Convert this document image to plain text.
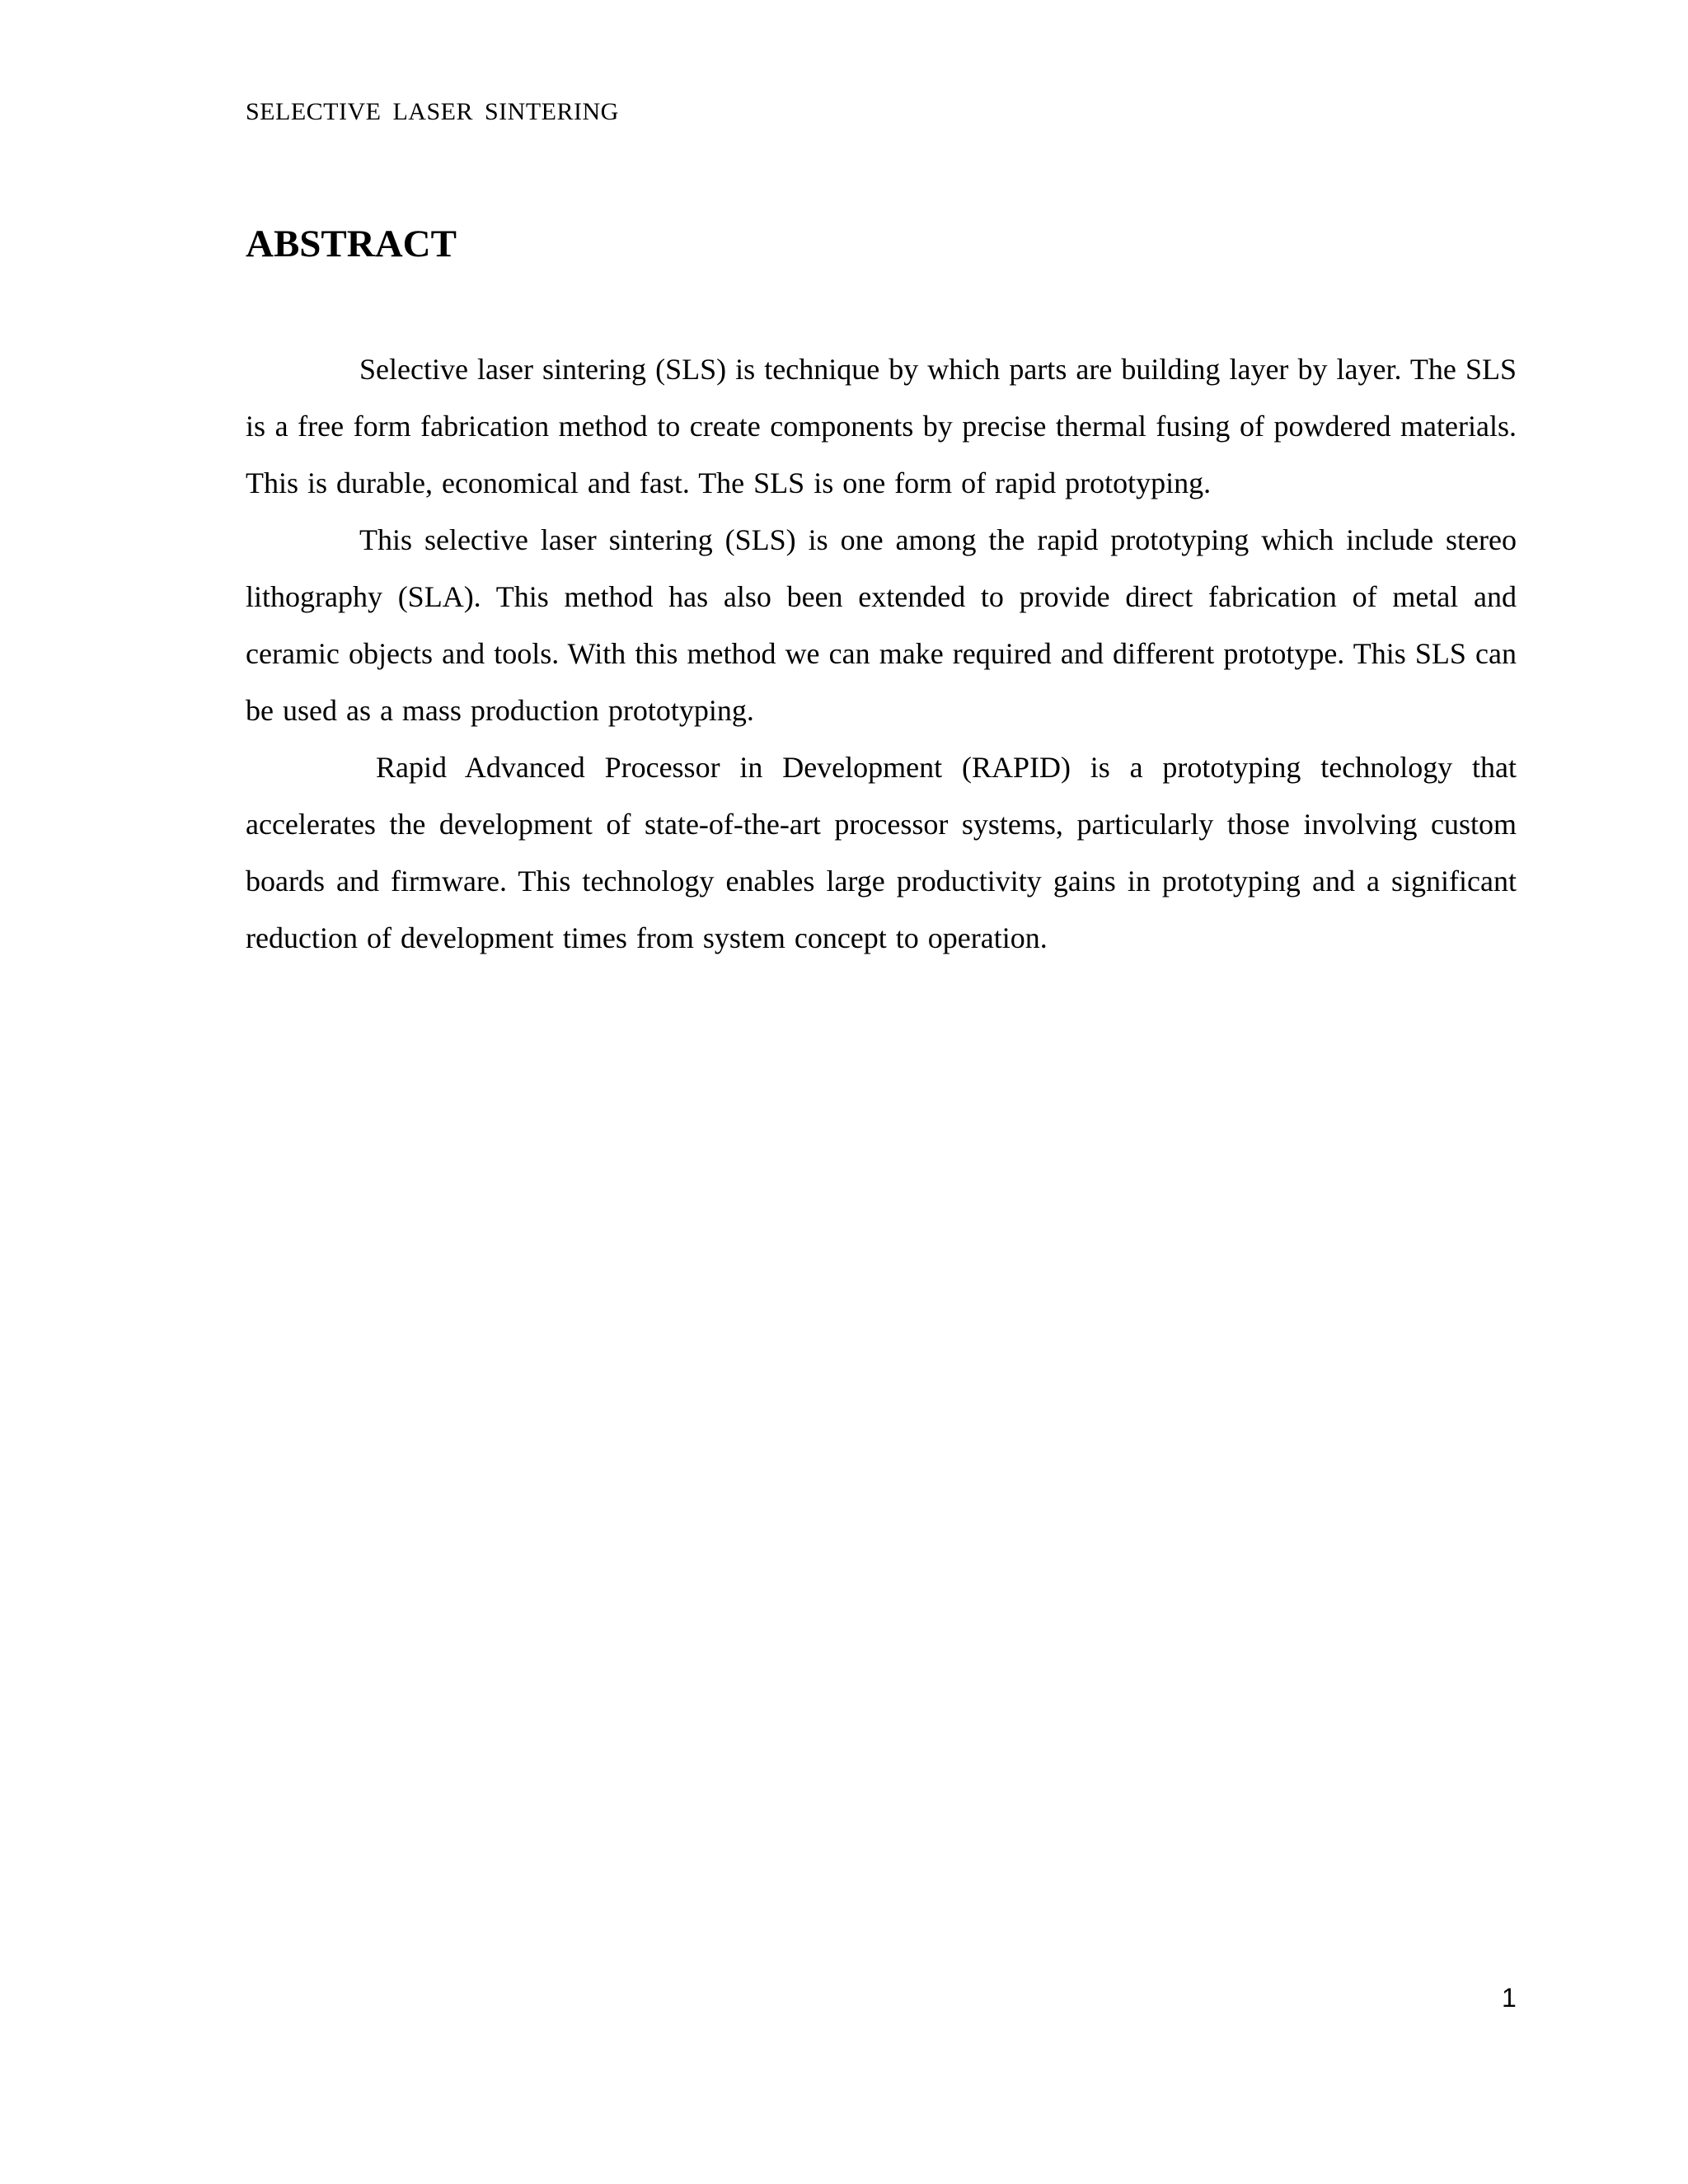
SELECTIVE LASER SINTERING
ABSTRACT

Selective laser sintering (SLS) is technique by which parts are building layer by layer. The SLS is a free form fabrication method to create components by precise thermal fusing of powdered materials. This is durable, economical and fast. The SLS is one form of rapid prototyping.

This selective laser sintering (SLS) is one among the rapid prototyping which include stereo lithography (SLA). This method has also been extended to provide direct fabrication of metal and ceramic objects and tools. With this method we can make required and different prototype. This SLS can be used as a mass production prototyping.

Rapid Advanced Processor in Development (RAPID) is a prototyping technology that accelerates the development of state-of-the-art processor systems, particularly those involving custom boards and firmware. This technology enables large productivity gains in prototyping and a significant reduction of development times from system concept to operation.

1
